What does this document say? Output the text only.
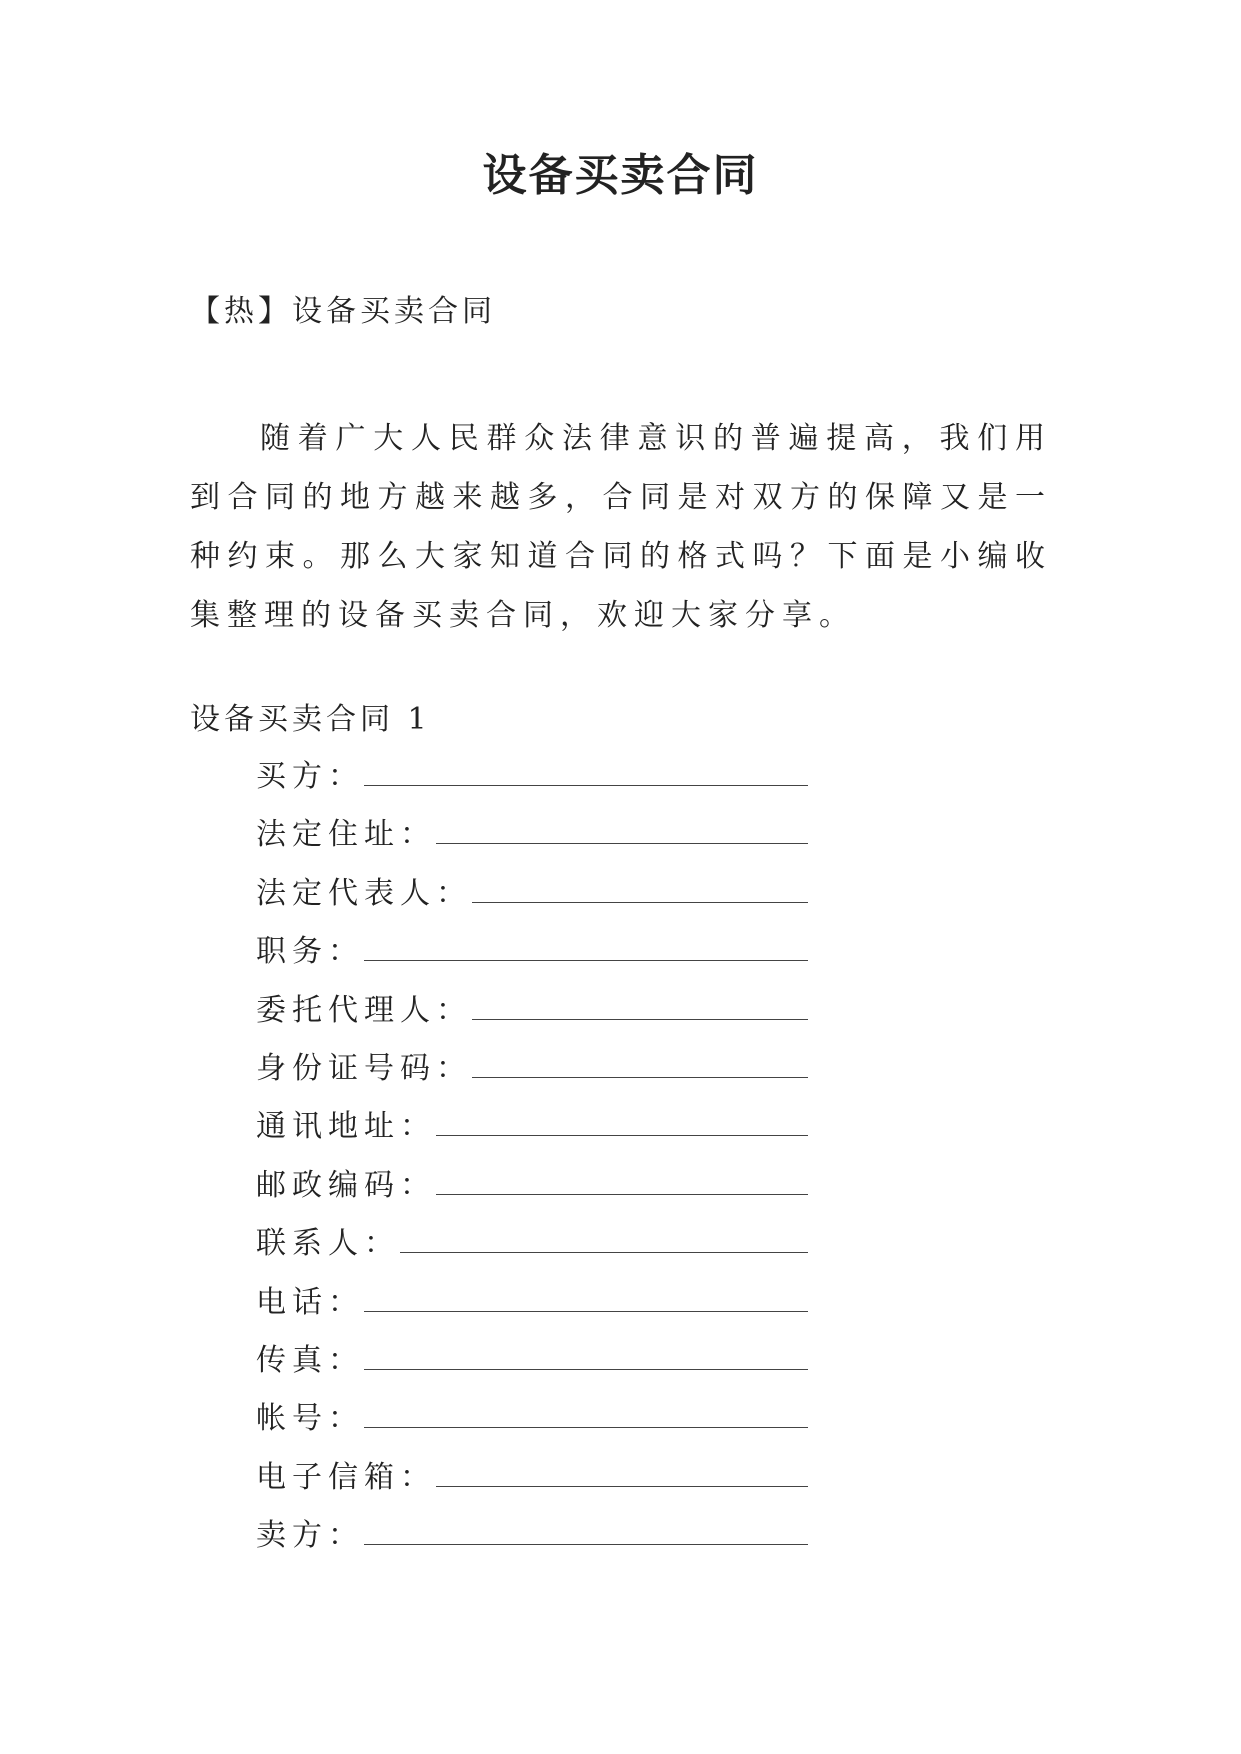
设备买卖合同
【热】设备买卖合同

随着广大人民群众法律意识的普遍提高，我们用到合同的地方越来越多，合同是对双方的保障又是一种约束。那么大家知道合同的格式吗？下面是小编收集整理的设备买卖合同，欢迎大家分享。

设备买卖合同 1
买方：
法定住址：
法定代表人：
职务：
委托代理人：
身份证号码：
通讯地址：
邮政编码：
联系人：
电话：
传真：
帐号：
电子信箱：
卖方：
